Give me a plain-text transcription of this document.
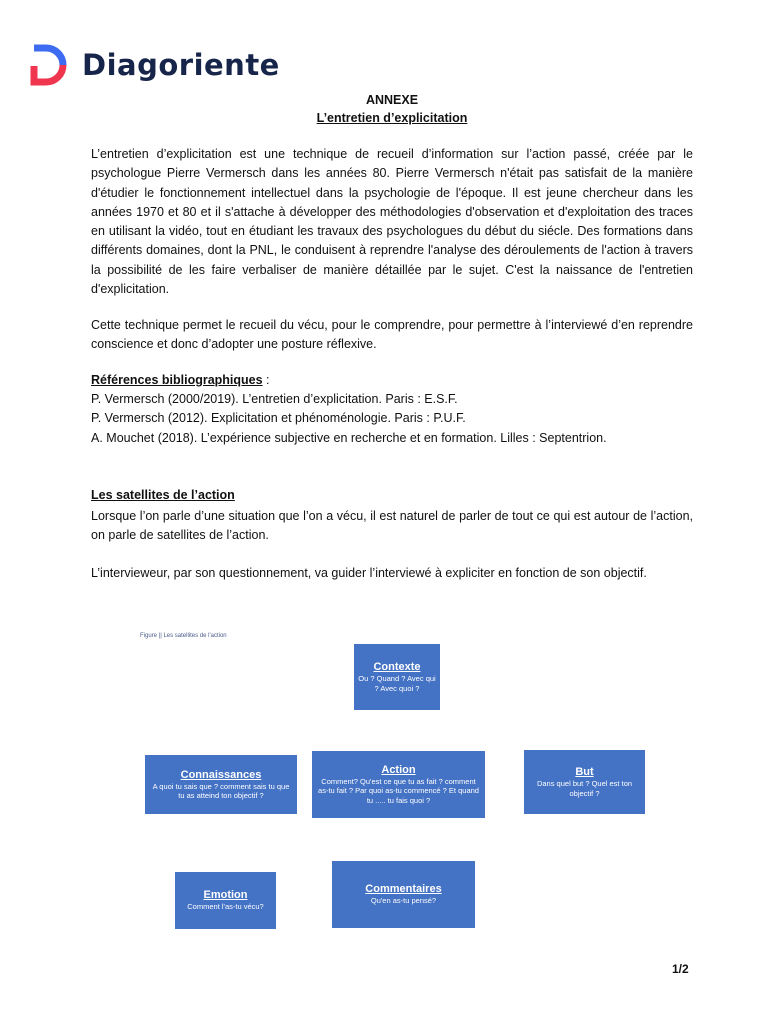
Diagoriente
ANNEXE
L’entretien d’explicitation

L’entretien d’explicitation est une technique de recueil d’information sur l’action passé, créée par le psychologue Pierre Vermersch dans les années 80. Pierre Vermersch n'était pas satisfait de la manière d'étudier le fonctionnement intellectuel dans la psychologie de l'époque. Il est jeune chercheur dans les années 1970 et 80 et il s'attache à développer des méthodologies d'observation et d'exploitation des traces en utilisant la vidéo, tout en étudiant les travaux des psychologues du début du siécle. Des formations dans différents domaines, dont la PNL, le conduisent à reprendre l'analyse des déroulements de l'action à travers la possibilité de les faire verbaliser de manière détaillée par le sujet. C'est la naissance de l'entretien d'explicitation.

Cette technique permet le recueil du vécu, pour le comprendre, pour permettre à l’interviewé d’en reprendre conscience et donc d’adopter une posture réflexive.

Références bibliographiques :
P. Vermersch (2000/2019). L’entretien d’explicitation. Paris : E.S.F.
P. Vermersch (2012). Explicitation et phénoménologie. Paris : P.U.F.
A. Mouchet (2018). L’expérience subjective en recherche et en formation. Lilles : Septentrion.
Les satellites de l’action

Lorsque l’on parle d’une situation que l’on a vécu, il est naturel de parler de tout ce qui est autour de l’action, on parle de satellites de l’action.

L’intervieweur, par son questionnement, va guider l’interviewé à expliciter en fonction de son objectif.

Figure || Les satellites de l'action
Contexte
Ou ? Quand ? Avec qui ? Avec quoi ?
Connaissances
A quoi tu sais que ? comment sais tu que tu as atteind ton objectif ?
Action
Comment? Qu'est ce que tu as fait ? comment as-tu fait ? Par quoi as-tu commencé ? Et quand tu ..... tu fais quoi ?
But
Dans quel but ? Quel est ton objectif ?
Emotion
Comment l'as-tu vécu?
Commentaires
Qu'en as-tu pensé?
1/2
